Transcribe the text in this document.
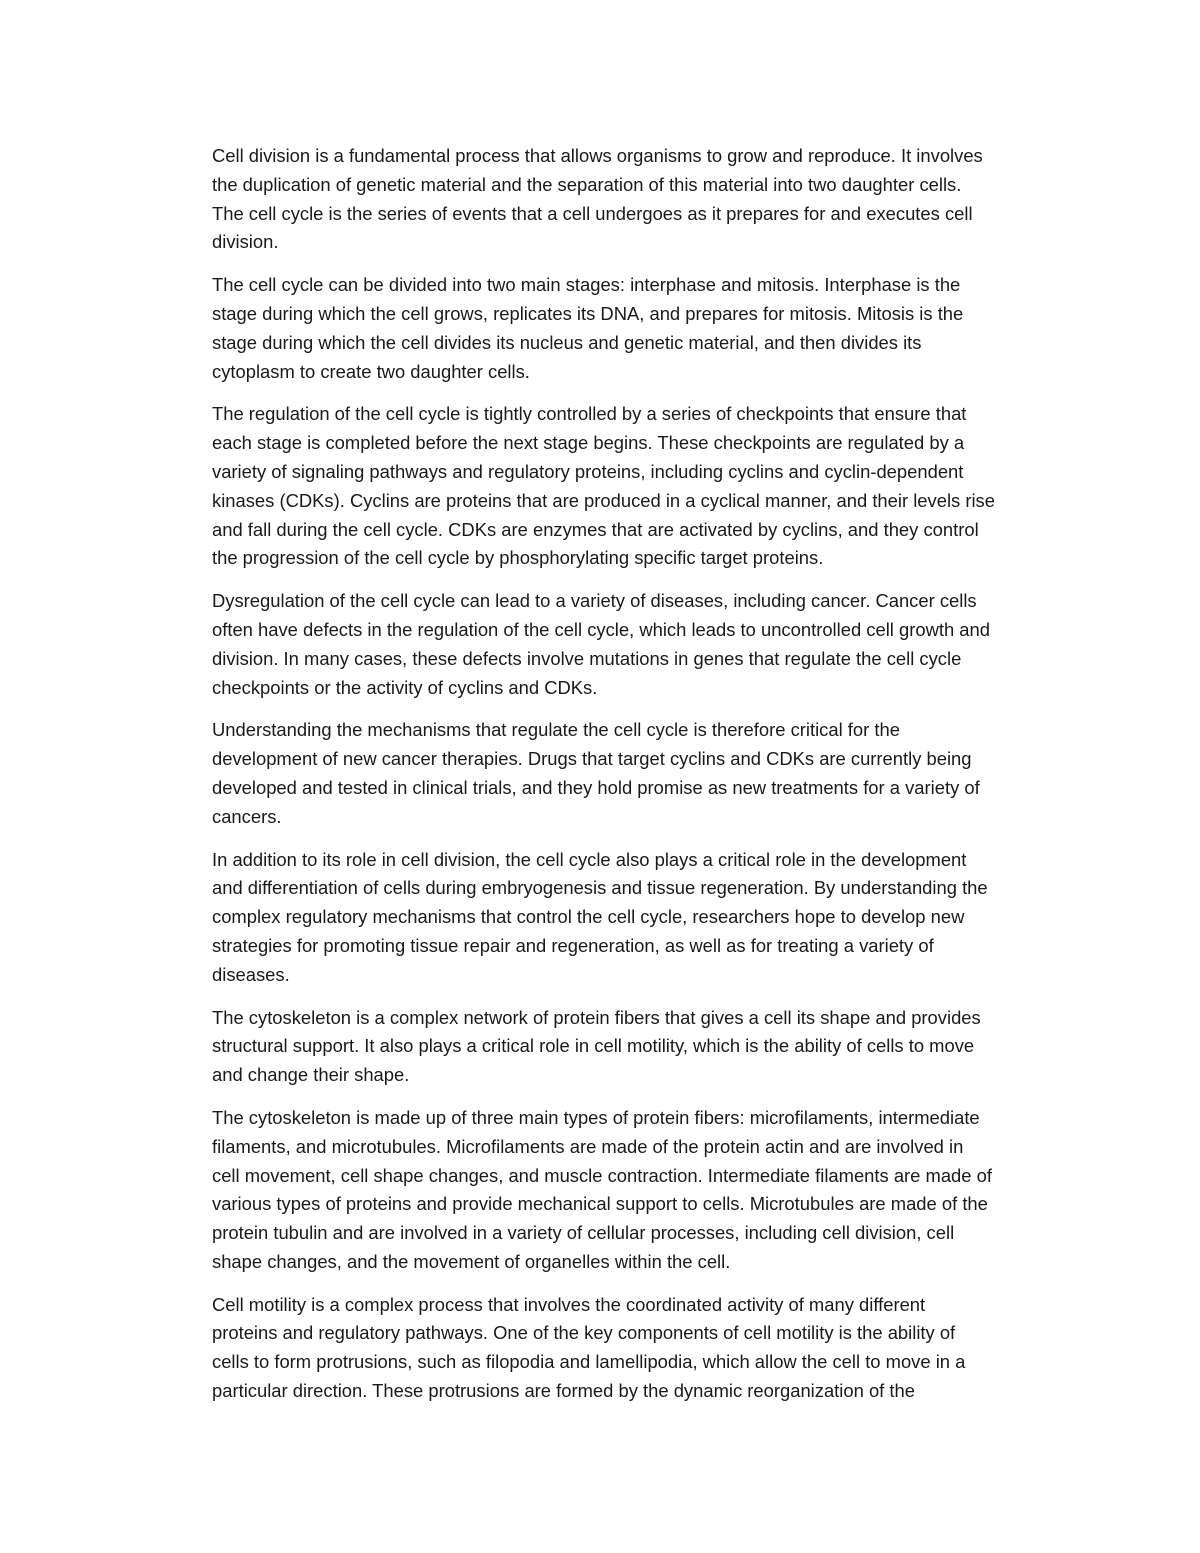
Cell division is a fundamental process that allows organisms to grow and reproduce. It involves
the duplication of genetic material and the separation of this material into two daughter cells.
The cell cycle is the series of events that a cell undergoes as it prepares for and executes cell
division.

The cell cycle can be divided into two main stages: interphase and mitosis. Interphase is the
stage during which the cell grows, replicates its DNA, and prepares for mitosis. Mitosis is the
stage during which the cell divides its nucleus and genetic material, and then divides its
cytoplasm to create two daughter cells.

The regulation of the cell cycle is tightly controlled by a series of checkpoints that ensure that
each stage is completed before the next stage begins. These checkpoints are regulated by a
variety of signaling pathways and regulatory proteins, including cyclins and cyclin-dependent
kinases (CDKs). Cyclins are proteins that are produced in a cyclical manner, and their levels rise
and fall during the cell cycle. CDKs are enzymes that are activated by cyclins, and they control
the progression of the cell cycle by phosphorylating specific target proteins.

Dysregulation of the cell cycle can lead to a variety of diseases, including cancer. Cancer cells
often have defects in the regulation of the cell cycle, which leads to uncontrolled cell growth and
division. In many cases, these defects involve mutations in genes that regulate the cell cycle
checkpoints or the activity of cyclins and CDKs.

Understanding the mechanisms that regulate the cell cycle is therefore critical for the
development of new cancer therapies. Drugs that target cyclins and CDKs are currently being
developed and tested in clinical trials, and they hold promise as new treatments for a variety of
cancers.

In addition to its role in cell division, the cell cycle also plays a critical role in the development
and differentiation of cells during embryogenesis and tissue regeneration. By understanding the
complex regulatory mechanisms that control the cell cycle, researchers hope to develop new
strategies for promoting tissue repair and regeneration, as well as for treating a variety of
diseases.

The cytoskeleton is a complex network of protein fibers that gives a cell its shape and provides
structural support. It also plays a critical role in cell motility, which is the ability of cells to move
and change their shape.

The cytoskeleton is made up of three main types of protein fibers: microfilaments, intermediate
filaments, and microtubules. Microfilaments are made of the protein actin and are involved in
cell movement, cell shape changes, and muscle contraction. Intermediate filaments are made of
various types of proteins and provide mechanical support to cells. Microtubules are made of the
protein tubulin and are involved in a variety of cellular processes, including cell division, cell
shape changes, and the movement of organelles within the cell.

Cell motility is a complex process that involves the coordinated activity of many different
proteins and regulatory pathways. One of the key components of cell motility is the ability of
cells to form protrusions, such as filopodia and lamellipodia, which allow the cell to move in a
particular direction. These protrusions are formed by the dynamic reorganization of the
